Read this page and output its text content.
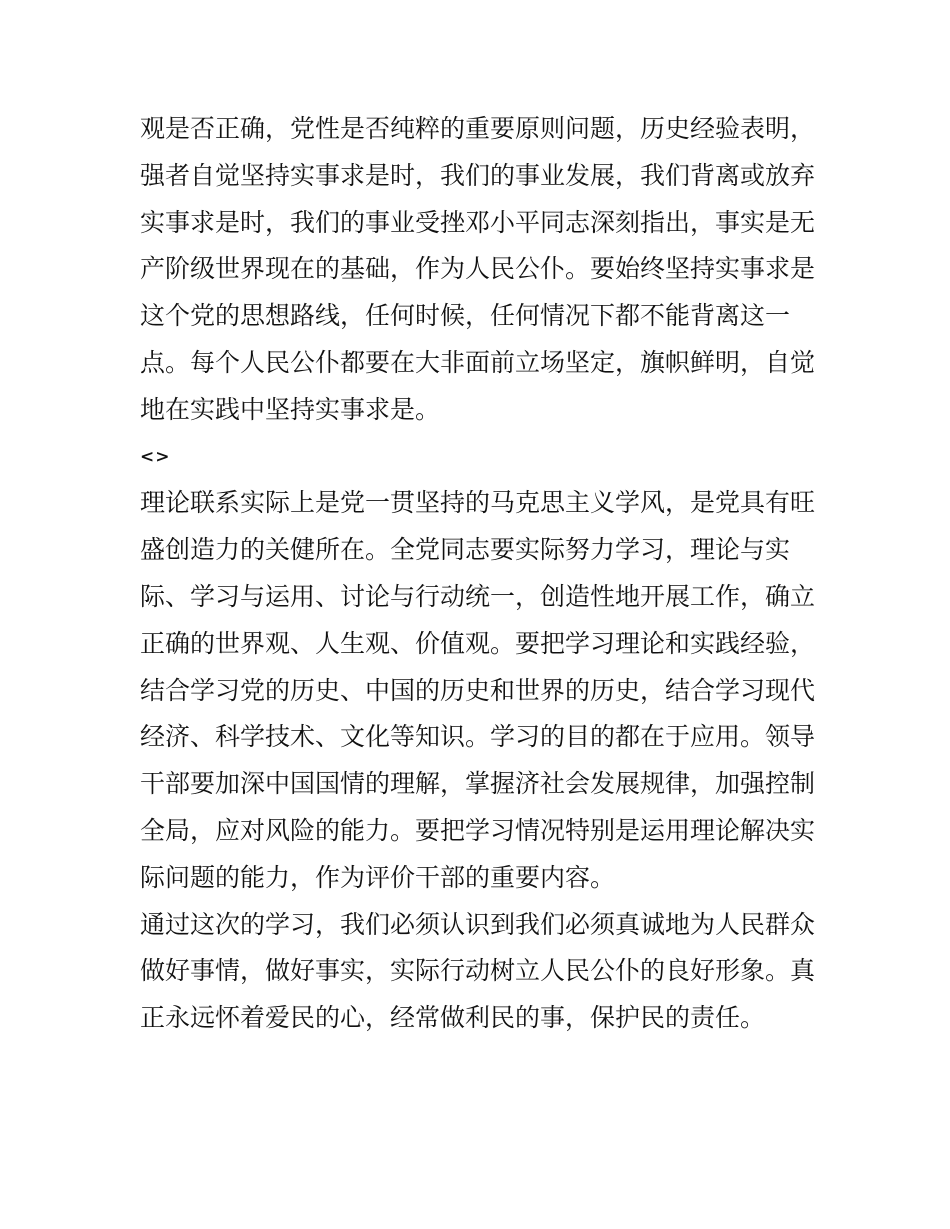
观是否正确，党性是否纯粹的重要原则问题，历史经验表明，
强者自觉坚持实事求是时，我们的事业发展，我们背离或放弃
实事求是时，我们的事业受挫邓小平同志深刻指出，事实是无
产阶级世界现在的基础，作为人民公仆。要始终坚持实事求是
这个党的思想路线，任何时候，任何情况下都不能背离这一
点。每个人民公仆都要在大非面前立场坚定，旗帜鲜明，自觉
地在实践中坚持实事求是。
<>
理论联系实际上是党一贯坚持的马克思主义学风，是党具有旺
盛创造力的关健所在。全党同志要实际努力学习，理论与实
际、学习与运用、讨论与行动统一，创造性地开展工作，确立
正确的世界观、人生观、价值观。要把学习理论和实践经验，
结合学习党的历史、中国的历史和世界的历史，结合学习现代
经济、科学技术、文化等知识。学习的目的都在于应用。领导
干部要加深中国国情的理解，掌握济社会发展规律，加强控制
全局，应对风险的能力。要把学习情况特别是运用理论解决实
际问题的能力，作为评价干部的重要内容。
通过这次的学习，我们必须认识到我们必须真诚地为人民群众
做好事情，做好事实，实际行动树立人民公仆的良好形象。真
正永远怀着爱民的心，经常做利民的事，保护民的责任。
